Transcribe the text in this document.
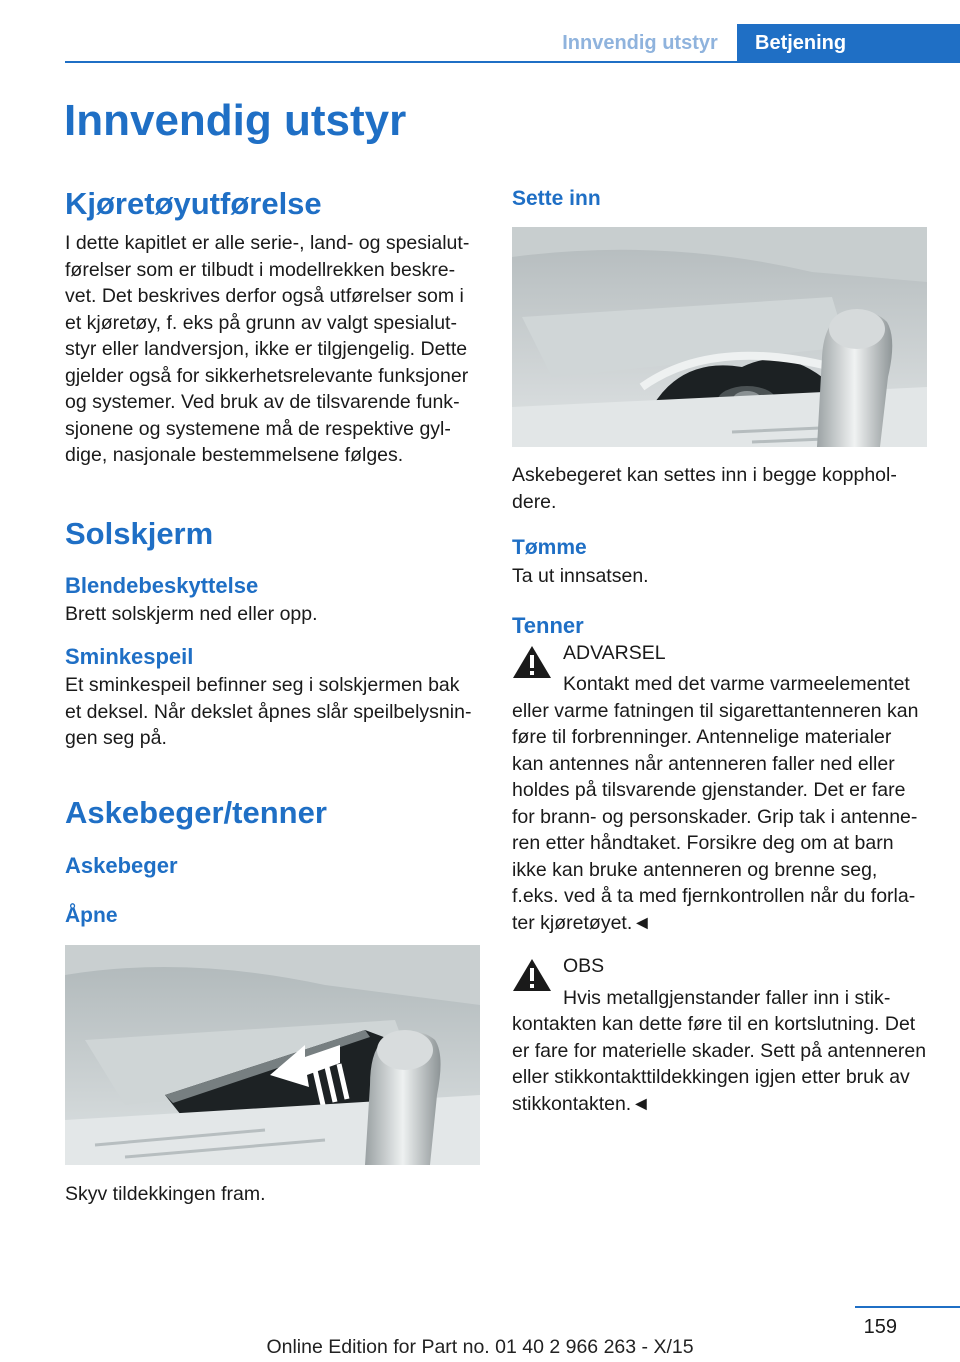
Innvendig utstyr	Betjening
Innvendig utstyr
Kjøretøyutførelse

I dette kapitlet er alle serie-, land- og spesialutførelser som er tilbudt i modellrekken beskrevet. Det beskrives derfor også utførelser som i et kjøretøy, f. eks på grunn av valgt spesialutstyr eller landversjon, ikke er tilgjengelig. Dette gjelder også for sikkerhetsrelevante funksjoner og systemer. Ved bruk av de tilsvarende funksjonene og systemene må de respektive gyldige, nasjonale bestemmelsene følges.

Solskjerm
Blendebeskyttelse

Brett solskjerm ned eller opp.

Sminkespeil

Et sminkespeil befinner seg i solskjermen bak et deksel. Når dekslet åpnes slår speilbelysningen seg på.

Askebeger/tenner
Askebeger
Åpne

Skyv tildekkingen fram.

Sette inn

Askebegeret kan settes inn i begge koppholdere.

Tømme

Ta ut innsatsen.

Tenner
ADVARSEL
Kontakt med det varme varmeelementet eller varme fatningen til sigarettantenneren kan føre til forbrenninger. Antennelige materialer kan antennes når antenneren faller ned eller holdes på tilsvarende gjenstander. Det er fare for brann- og personskader. Grip tak i antenneren etter håndtaket. Forsikre deg om at barn ikke kan bruke antenneren og brenne seg, f.eks. ved å ta med fjernkontrollen når du forlater kjøretøyet.◄
OBS
Hvis metallgjenstander faller inn i stikkontakten kan dette føre til en kortslutning. Det er fare for materielle skader. Sett på antenneren eller stikkontakttildekkingen igjen etter bruk av stikkontakten.◄
159
Online Edition for Part no. 01 40 2 966 263 - X/15
